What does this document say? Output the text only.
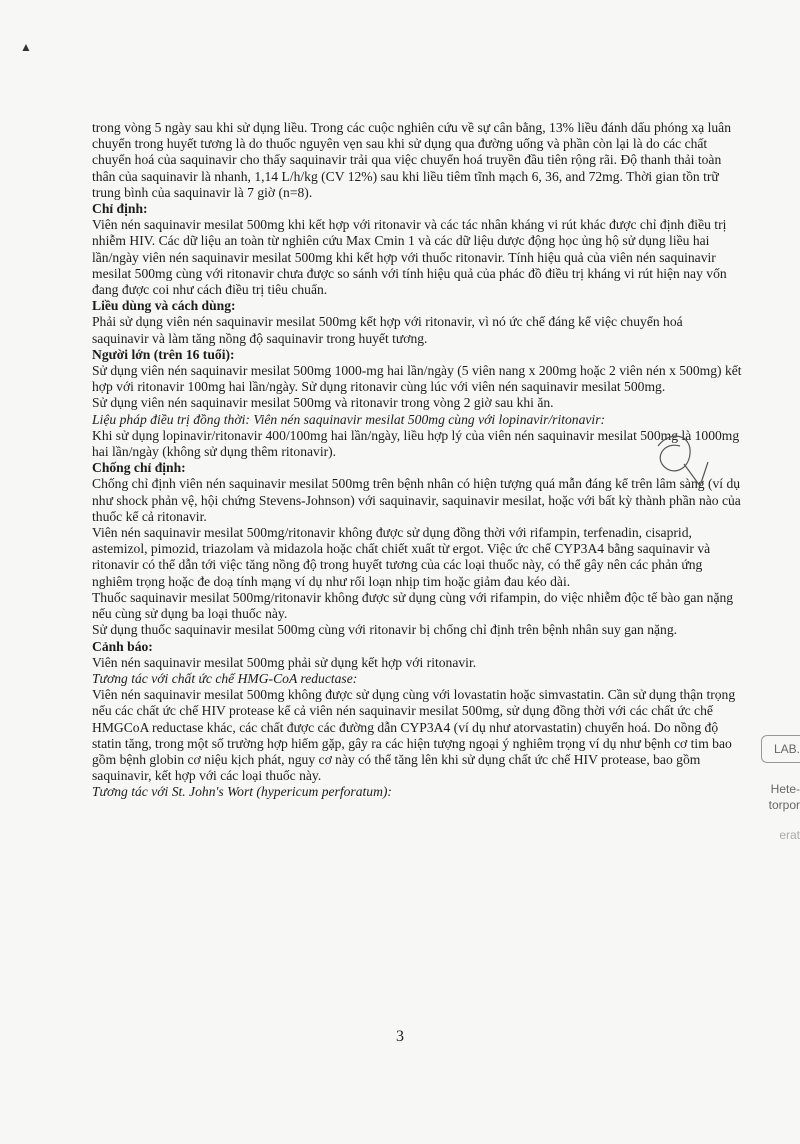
▲

trong vòng 5 ngày sau khi sử dụng liều. Trong các cuộc nghiên cứu về sự cân bằng, 13% liều đánh dấu phóng xạ luân chuyển trong huyết tương là do thuốc nguyên vẹn sau khi sử dụng qua đường uống và phần còn lại là do các chất chuyển hoá của saquinavir cho thấy saquinavir trải qua việc chuyển hoá truyền đầu tiên rộng rãi. Độ thanh thải toàn thân của saquinavir là nhanh, 1,14 L/h/kg (CV 12%) sau khi liều tiêm tĩnh mạch 6, 36, and 72mg. Thời gian tồn trữ trung bình của saquinavir là 7 giờ (n=8).

Chỉ định:

Viên nén saquinavir mesilat 500mg khi kết hợp với ritonavir và các tác nhân kháng vi rút khác được chỉ định điều trị nhiễm HIV. Các dữ liệu an toàn từ nghiên cứu Max Cmin 1 và các dữ liệu dược động học ủng hộ sử dụng liều hai lần/ngày viên nén saquinavir mesilat 500mg khi kết hợp với thuốc ritonavir. Tính hiệu quả của viên nén saquinavir mesilat 500mg cùng với ritonavir chưa được so sánh với tính hiệu quả của phác đồ điều trị kháng vi rút hiện nay vốn đang được coi như cách điều trị tiêu chuẩn.

Liều dùng và cách dùng:

Phải sử dụng viên nén saquinavir mesilat 500mg kết hợp với ritonavir, vì nó ức chế đáng kể việc chuyển hoá saquinavir và làm tăng nồng độ saquinavir trong huyết tương.

Người lớn (trên 16 tuổi):

Sử dụng viên nén saquinavir mesilat 500mg 1000-mg hai lần/ngày (5 viên nang x 200mg hoặc 2 viên nén x 500mg) kết hợp với ritonavir 100mg hai lần/ngày. Sử dụng ritonavir cùng lúc với viên nén saquinavir mesilat 500mg.

Sử dụng viên nén saquinavir mesilat 500mg và ritonavir trong vòng 2 giờ sau khi ăn.

Liệu pháp điều trị đồng thời: Viên nén saquinavir mesilat 500mg cùng với lopinavir/ritonavir:

Khi sử dụng lopinavir/ritonavir 400/100mg hai lần/ngày, liều hợp lý của viên nén saquinavir mesilat 500mg là 1000mg hai lần/ngày (không sử dụng thêm ritonavir).

Chống chỉ định:

Chống chỉ định viên nén saquinavir mesilat 500mg trên bệnh nhân có hiện tượng quá mẫn đáng kể trên lâm sàng (ví dụ như shock phản vệ, hội chứng Stevens-Johnson) với saquinavir, saquinavir mesilat, hoặc với bất kỳ thành phần nào của thuốc kể cả ritonavir.

Viên nén saquinavir mesilat 500mg/ritonavir không được sử dụng đồng thời với rifampin, terfenadin, cisaprid, astemizol, pimozid, triazolam và midazola hoặc chất chiết xuất từ ergot. Việc ức chế CYP3A4 bằng saquinavir và ritonavir có thể dẫn tới việc tăng nồng độ trong huyết tương của các loại thuốc này, có thể gây nên các phản ứng nghiêm trọng hoặc đe doạ tính mạng ví dụ như rối loạn nhịp tim hoặc giảm đau kéo dài.

Thuốc saquinavir mesilat 500mg/ritonavir không được sử dụng cùng với rifampin, do việc nhiễm độc tế bào gan nặng nếu cùng sử dụng ba loại thuốc này.

Sử dụng thuốc saquinavir mesilat 500mg cùng với ritonavir bị chống chỉ định trên bệnh nhân suy gan nặng.

Cảnh báo:

Viên nén saquinavir mesilat 500mg phải sử dụng kết hợp với ritonavir.

Tương tác với chất ức chế HMG-CoA reductase:

Viên nén saquinavir mesilat 500mg không được sử dụng cùng với lovastatin hoặc simvastatin. Cần sử dụng thận trọng nếu các chất ức chế HIV protease kể cả viên nén saquinavir mesilat 500mg, sử dụng đồng thời với các chất ức chế HMGCoA reductase khác, các chất được các đường dẫn CYP3A4 (ví dụ như atorvastatin) chuyển hoá. Do nồng độ statin tăng, trong một số trường hợp hiếm gặp, gây ra các hiện tượng ngoại ý nghiêm trọng ví dụ như bệnh cơ tim bao gồm bệnh globin cơ niệu kịch phát, nguy cơ này có thể tăng lên khi sử dụng chất ức chế HIV protease, bao gồm saquinavir, kết hợp với các loại thuốc này.

Tương tác với St. John's Wort (hypericum perforatum):

3
LAB.
Hete-
torpor
erat
